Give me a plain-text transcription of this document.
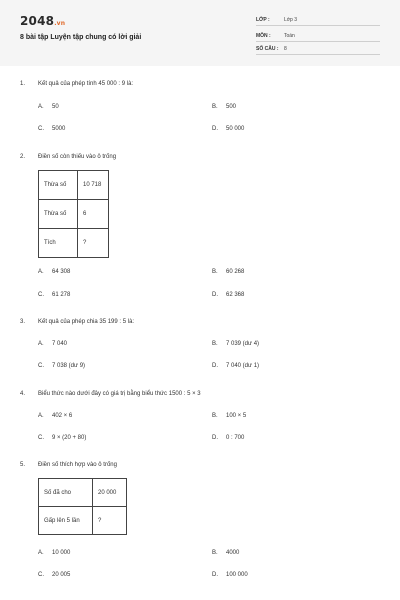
2048.vn
8 bài tập Luyện tập chung có lời giải
LỚP :	Lớp 3
MÔN :	Toán
SỐ CÂU : 8
1. Kết quả của phép tính 45 000 : 9 là:
A. 50	B. 500
C. 5000	D. 50 000
2. Điền số còn thiếu vào ô trống
Thừa số	10 718
Thừa số	6
Tích	?
A. 64 308	B. 60 268
C. 61 278	D. 62 368
3. Kết quả của phép chia 35 199 : 5 là:
A. 7 040	B. 7 039 (dư 4)
C. 7 038 (dư 9)	D. 7 040 (dư 1)
4. Biểu thức nào dưới đây có giá trị bằng biểu thức 1500 : 5 × 3
A. 402 × 6	B. 100 × 5
C. 9 × (20 + 80)	D. 0 : 700
5. Điền số thích hợp vào ô trống
Số đã cho	20 000
Gấp lên 5 lần	?
A. 10 000	B. 4000
C. 20 005	D. 100 000
